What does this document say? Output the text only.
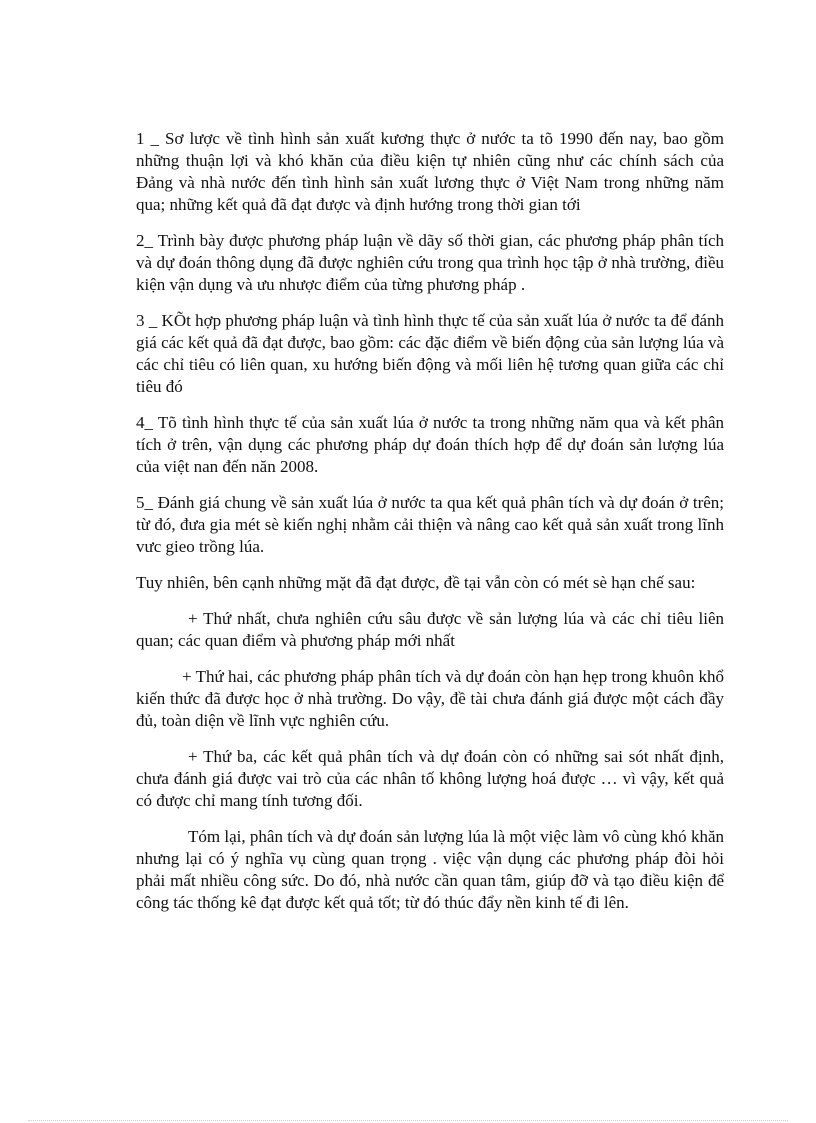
1 _ Sơ lược về tình hình sản xuất kương thực ở nước ta tõ 1990 đến nay, bao gồm những thuận lợi và khó khăn của điều kiện tự nhiên cũng như các chính sách của Đảng và nhà nước đến tình hình sản xuất lương thực ở Việt Nam trong những năm qua; những kết quả đã đạt được và định hướng trong thời gian tới

2_ Trình bày được phương pháp luận về dãy số thời gian, các phương pháp phân tích và dự đoán thông dụng đã được nghiên cứu trong qua trình học tập ở nhà trường, điều kiện vận dụng và ưu nhược điểm của từng phương pháp .

3 _ KÕt hợp phương pháp luận và tình hình thực tế của sản xuất lúa ở nước ta để đánh giá các kết quả đã đạt được, bao gồm: các đặc điểm về biến động của sản lượng lúa và các chỉ tiêu có liên quan, xu hướng biến động và mối liên hệ tương quan giữa các chỉ tiêu đó

4_ Tõ tình hình thực tế của sản xuất lúa ở nước ta trong những năm qua và kết phân tích ở trên, vận dụng các phương pháp dự đoán thích hợp để dự đoán sản lượng lúa của việt nan đến năn 2008.

5_ Đánh giá chung về sản xuất lúa ở nước ta qua kết quả phân tích và dự đoán ở trên; từ đó, đưa gia mét sè kiến nghị nhằm cải thiện và nâng cao kết quả sản xuất trong lĩnh vưc gieo trồng lúa.

Tuy nhiên, bên cạnh những mặt đã đạt được, đề tại vẫn còn có mét sè hạn chế sau:

+ Thứ nhất, chưa nghiên cứu sâu được về sản lượng lúa và các chỉ tiêu liên quan; các quan điểm và phương pháp mới nhất

+ Thứ hai, các phương pháp phân tích và dự đoán còn hạn hẹp trong khuôn khổ kiến thức đã được học ở nhà trường. Do vậy, đề tài chưa đánh giá được một cách đầy đủ, toàn diện về lĩnh vực nghiên cứu.

+ Thứ ba, các kết quả phân tích và dự đoán còn có những sai sót nhất định, chưa đánh giá được vai trò của các nhân tố không lượng hoá được … vì vậy, kết quả có được chỉ mang tính tương đối.

Tóm lại, phân tích và dự đoán sản lượng lúa là một việc làm vô cùng khó khăn nhưng lại có ý nghĩa vụ cùng quan trọng . việc vận dụng các phương pháp đòi hỏi phải mất nhiều công sức. Do đó, nhà nước cần quan tâm, giúp đỡ và tạo điều kiện để công tác thống kê đạt được kết quả tốt; từ đó thúc đẩy nền kinh tế đi lên.
